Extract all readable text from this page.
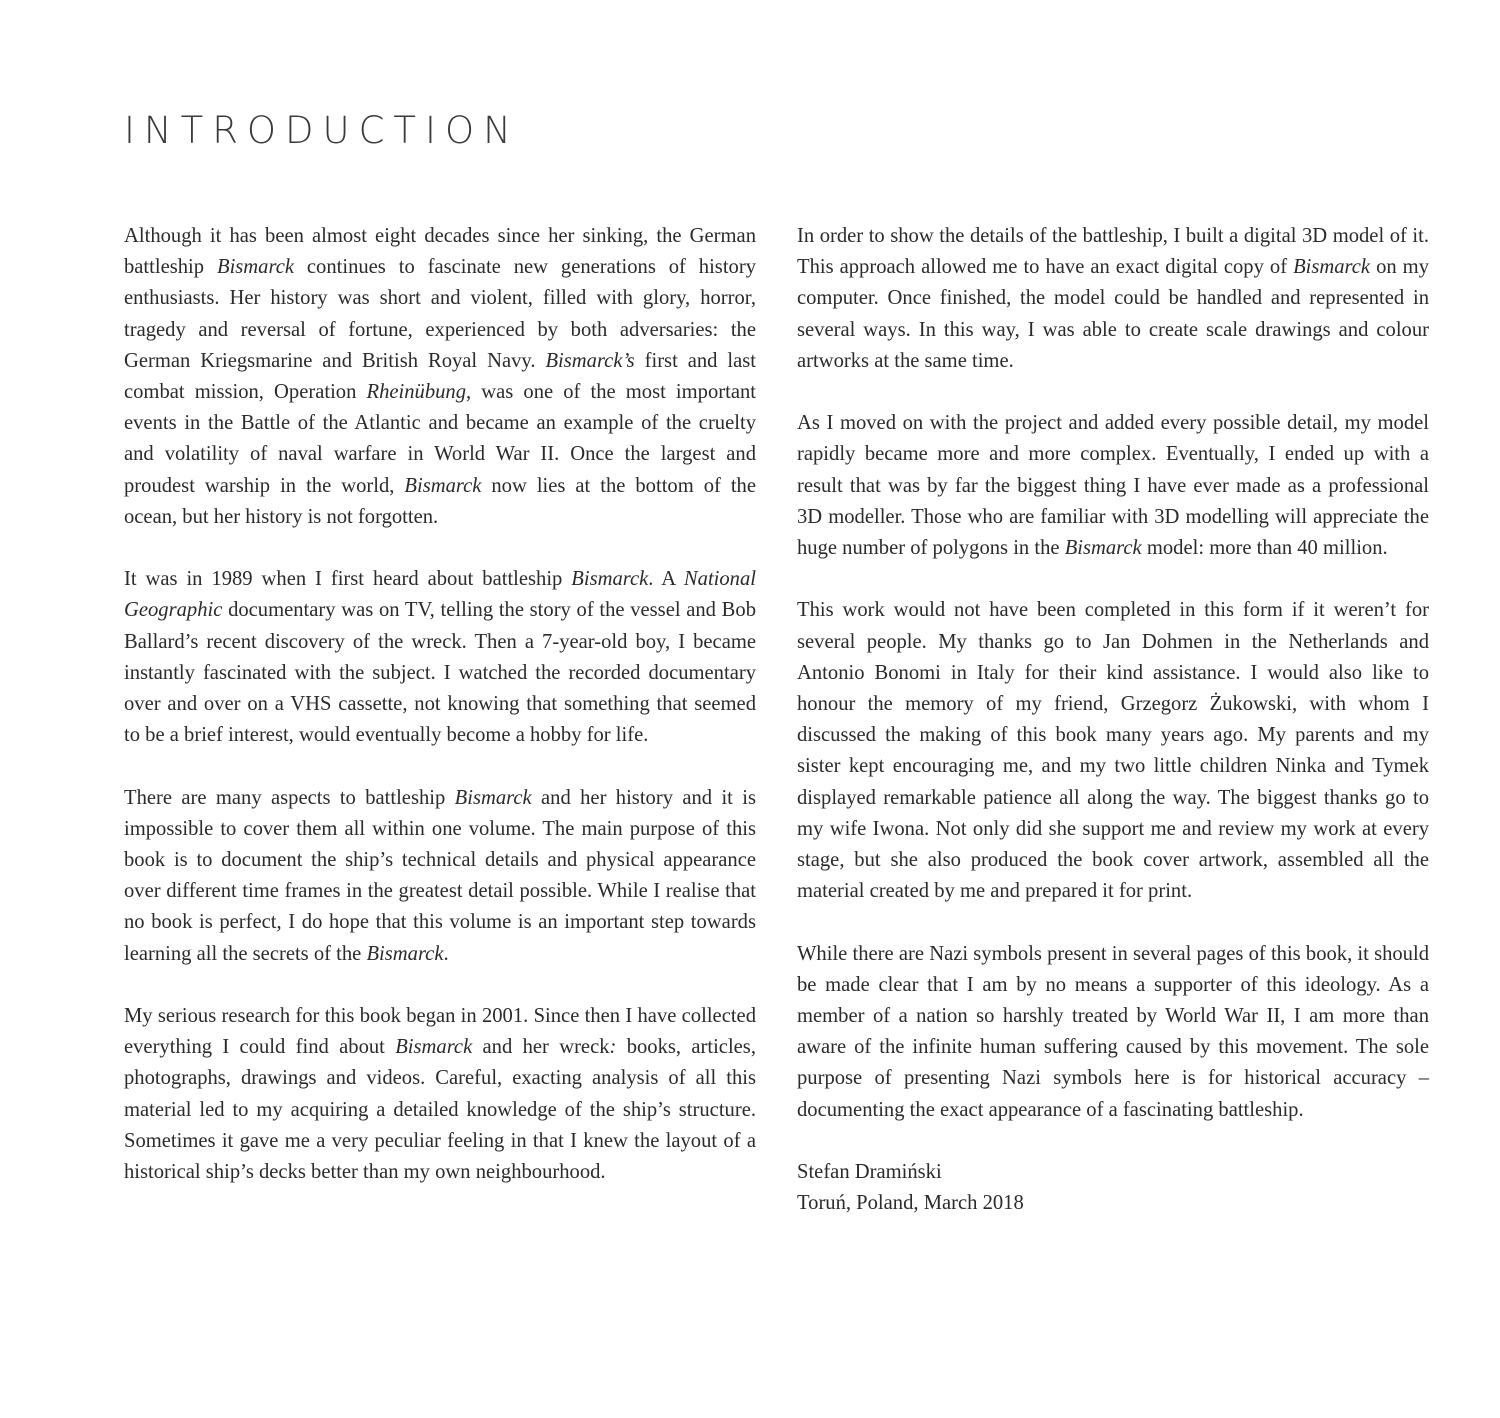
INTRODUCTION

Although it has been almost eight decades since her sinking, the German battleship Bismarck continues to fascinate new generations of history enthusiasts. Her history was short and violent, filled with glory, horror, tragedy and reversal of fortune, experienced by both adversaries: the German Kriegsmarine and British Royal Navy. Bismarck’s first and last combat mission, Operation Rheinübung, was one of the most important events in the Battle of the Atlantic and became an example of the cruelty and volatility of naval warfare in World War II. Once the largest and proudest warship in the world, Bismarck now lies at the bottom of the ocean, but her history is not forgotten.

It was in 1989 when I first heard about battleship Bismarck. A National Geographic documentary was on TV, telling the story of the vessel and Bob Ballard’s recent discovery of the wreck. Then a 7-year-old boy, I became instantly fascinated with the subject. I watched the recorded documentary over and over on a VHS cassette, not knowing that something that seemed to be a brief interest, would eventually become a hobby for life.

There are many aspects to battleship Bismarck and her history and it is impossible to cover them all within one volume. The main purpose of this book is to document the ship’s technical details and physical appearance over different time frames in the greatest detail possible. While I realise that no book is perfect, I do hope that this volume is an important step towards learning all the secrets of the Bismarck.

My serious research for this book began in 2001. Since then I have collected everything I could find about Bismarck and her wreck: books, articles, photographs, drawings and videos. Careful, exacting analysis of all this material led to my acquiring a detailed knowledge of the ship’s structure. Sometimes it gave me a very peculiar feeling in that I knew the layout of a historical ship’s decks better than my own neighbourhood.

In order to show the details of the battleship, I built a digital 3D model of it. This approach allowed me to have an exact digital copy of Bismarck on my computer. Once finished, the model could be handled and represented in several ways. In this way, I was able to create scale drawings and colour artworks at the same time.

As I moved on with the project and added every possible detail, my model rapidly became more and more complex. Eventually, I ended up with a result that was by far the biggest thing I have ever made as a professional 3D modeller. Those who are familiar with 3D modelling will appreciate the huge number of polygons in the Bismarck model: more than 40 million.

This work would not have been completed in this form if it weren’t for several people. My thanks go to Jan Dohmen in the Netherlands and Antonio Bonomi in Italy for their kind assistance. I would also like to honour the memory of my friend, Grzegorz Żukowski, with whom I discussed the making of this book many years ago. My parents and my sister kept encouraging me, and my two little children Ninka and Tymek displayed remarkable patience all along the way. The biggest thanks go to my wife Iwona. Not only did she support me and review my work at every stage, but she also produced the book cover artwork, assembled all the material created by me and prepared it for print.

While there are Nazi symbols present in several pages of this book, it should be made clear that I am by no means a supporter of this ideology. As a member of a nation so harshly treated by World War II, I am more than aware of the infinite human suffering caused by this movement. The sole purpose of presenting Nazi symbols here is for historical accuracy – documenting the exact appearance of a fascinating battleship.

Stefan Dramiński
Toruń, Poland, March 2018
